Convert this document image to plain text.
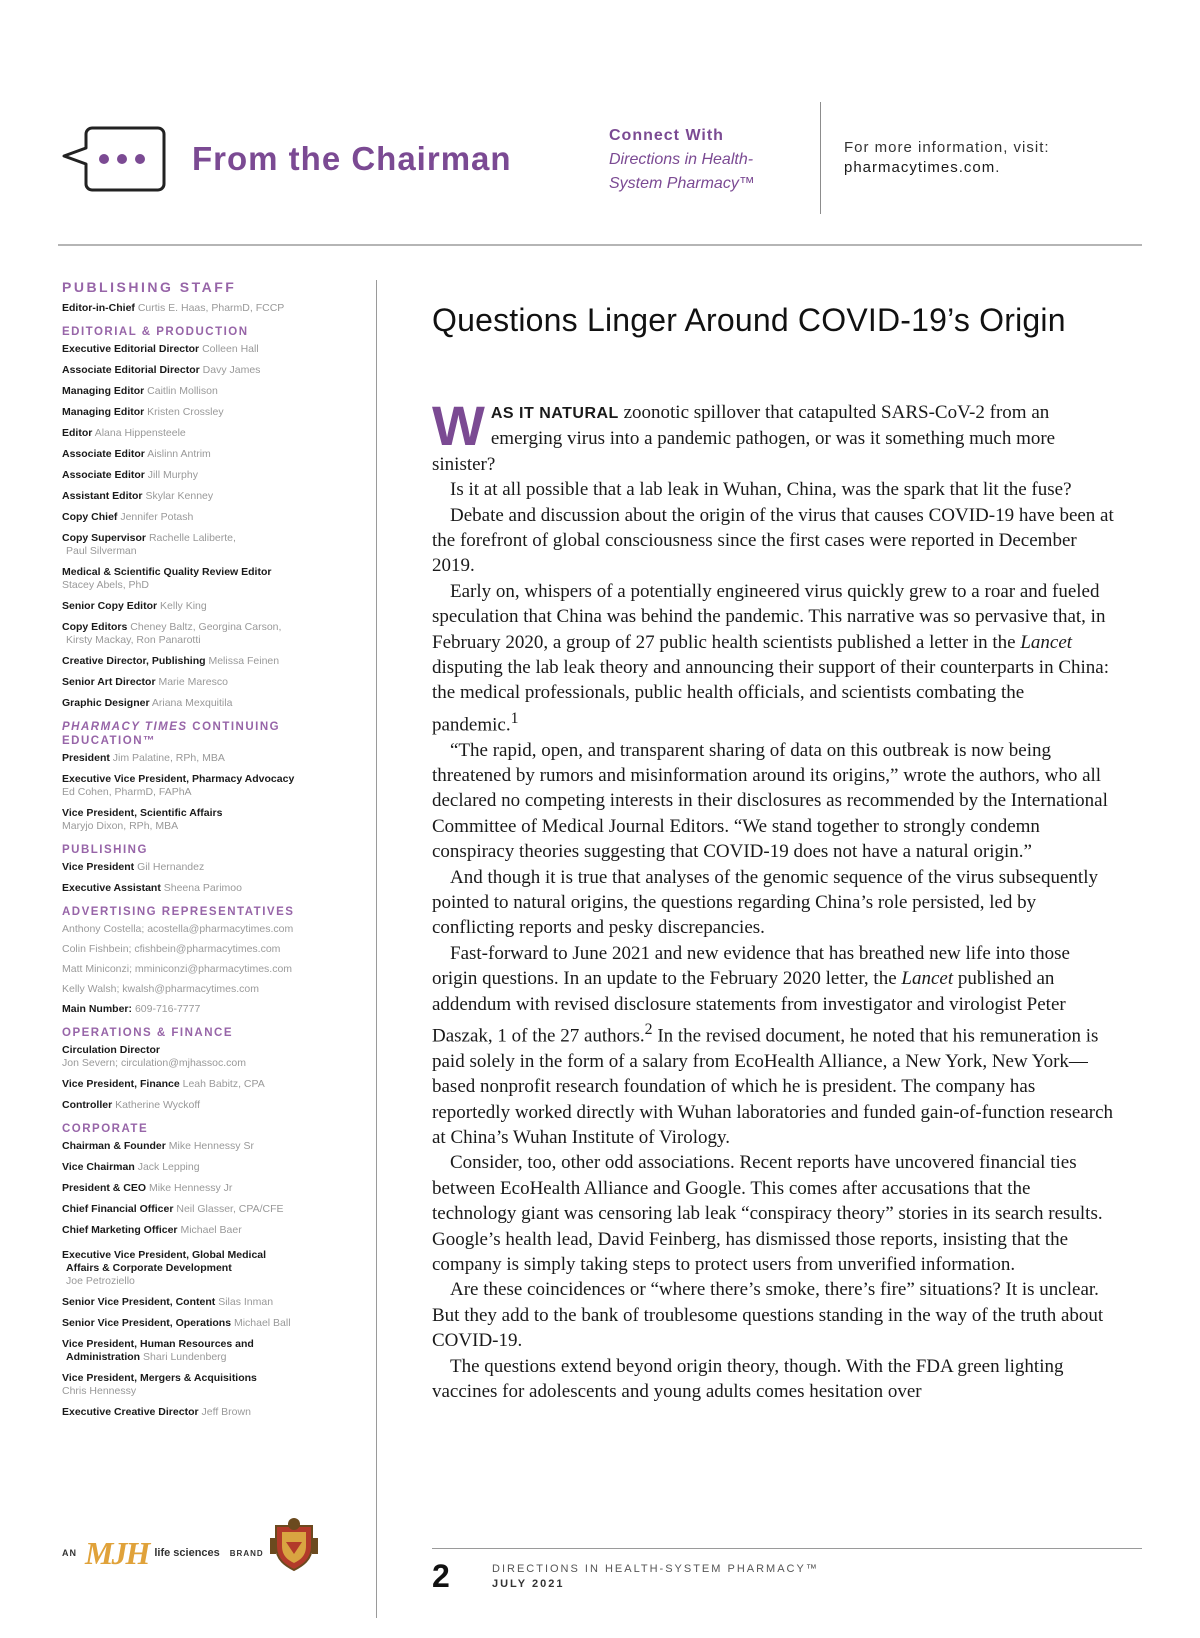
From the Chairman
Connect With
Directions in Health-
System Pharmacy™
For more information, visit:
pharmacytimes.com.
PUBLISHING STAFF
Editor-in-Chief Curtis E. Haas, PharmD, FCCP
EDITORIAL & PRODUCTION
Executive Editorial Director Colleen Hall
Associate Editorial Director Davy James
Managing Editor Caitlin Mollison
Managing Editor Kristen Crossley
Editor Alana Hippensteele
Associate Editor Aislinn Antrim
Associate Editor Jill Murphy
Assistant Editor Skylar Kenney
Copy Chief Jennifer Potash
Copy Supervisor Rachelle Laliberte,
Paul Silverman
Medical & Scientific Quality Review Editor
Stacey Abels, PhD
Senior Copy Editor Kelly King
Copy Editors Cheney Baltz, Georgina Carson,
Kirsty Mackay, Ron Panarotti
Creative Director, Publishing Melissa Feinen
Senior Art Director Marie Maresco
Graphic Designer Ariana Mexquitila
PHARMACY TIMES CONTINUING
EDUCATION™
President Jim Palatine, RPh, MBA
Executive Vice President, Pharmacy Advocacy
Ed Cohen, PharmD, FAPhA
Vice President, Scientific Affairs
Maryjo Dixon, RPh, MBA
PUBLISHING
Vice President Gil Hernandez
Executive Assistant Sheena Parimoo
ADVERTISING REPRESENTATIVES
Anthony Costella; acostella@pharmacytimes.com
Colin Fishbein; cfishbein@pharmacytimes.com
Matt Miniconzi; mminiconzi@pharmacytimes.com
Kelly Walsh; kwalsh@pharmacytimes.com
Main Number: 609-716-7777
OPERATIONS & FINANCE
Circulation Director
Jon Severn; circulation@mjhassoc.com
Vice President, Finance Leah Babitz, CPA
Controller Katherine Wyckoff
CORPORATE
Chairman & Founder Mike Hennessy Sr
Vice Chairman Jack Lepping
President & CEO Mike Hennessy Jr
Chief Financial Officer Neil Glasser, CPA/CFE
Chief Marketing Officer Michael Baer
Executive Vice President, Global Medical
Affairs & Corporate Development
Joe Petroziello
Senior Vice President, Content Silas Inman
Senior Vice President, Operations Michael Ball
Vice President, Human Resources and
Administration Shari Lundenberg
Vice President, Mergers & Acquisitions
Chris Hennessy
Executive Creative Director Jeff Brown
AN MJH life sciences BRAND
Questions Linger Around COVID-19’s Origin

WAS IT NATURAL zoonotic spillover that catapulted SARS-CoV-2 from an emerging virus into a pandemic pathogen, or was it something much more sinister?

Is it at all possible that a lab leak in Wuhan, China, was the spark that lit the fuse?

Debate and discussion about the origin of the virus that causes COVID-19 have been at the forefront of global consciousness since the first cases were reported in December 2019.

Early on, whispers of a potentially engineered virus quickly grew to a roar and fueled speculation that China was behind the pandemic. This narrative was so pervasive that, in February 2020, a group of 27 public health scientists published a letter in the Lancet disputing the lab leak theory and announcing their support of their counterparts in China: the medical professionals, public health officials, and scientists combating the pandemic.$^1$

“The rapid, open, and transparent sharing of data on this outbreak is now being threatened by rumors and misinformation around its origins,” wrote the authors, who all declared no competing interests in their disclosures as recommended by the International Committee of Medical Journal Editors. “We stand together to strongly condemn conspiracy theories suggesting that COVID-19 does not have a natural origin.”

And though it is true that analyses of the genomic sequence of the virus subsequently pointed to natural origins, the questions regarding China’s role persisted, led by conflicting reports and pesky discrepancies.

Fast-forward to June 2021 and new evidence that has breathed new life into those origin questions. In an update to the February 2020 letter, the Lancet published an addendum with revised disclosure statements from investigator and virologist Peter Daszak, 1 of the 27 authors.$^2$ In the revised document, he noted that his remuneration is paid solely in the form of a salary from EcoHealth Alliance, a New York, New York—based nonprofit research foundation of which he is president. The company has reportedly worked directly with Wuhan laboratories and funded gain-of-function research at China’s Wuhan Institute of Virology.

Consider, too, other odd associations. Recent reports have uncovered financial ties between EcoHealth Alliance and Google. This comes after accusations that the technology giant was censoring lab leak “conspiracy theory” stories in its search results. Google’s health lead, David Feinberg, has dismissed those reports, insisting that the company is simply taking steps to protect users from unverified information.

Are these coincidences or “where there’s smoke, there’s fire” situations? It is unclear. But they add to the bank of troublesome questions standing in the way of the truth about COVID-19.

The questions extend beyond origin theory, though. With the FDA green lighting vaccines for adolescents and young adults comes hesitation over

2	DIRECTIONS IN HEALTH-SYSTEM PHARMACY™
JULY 2021
